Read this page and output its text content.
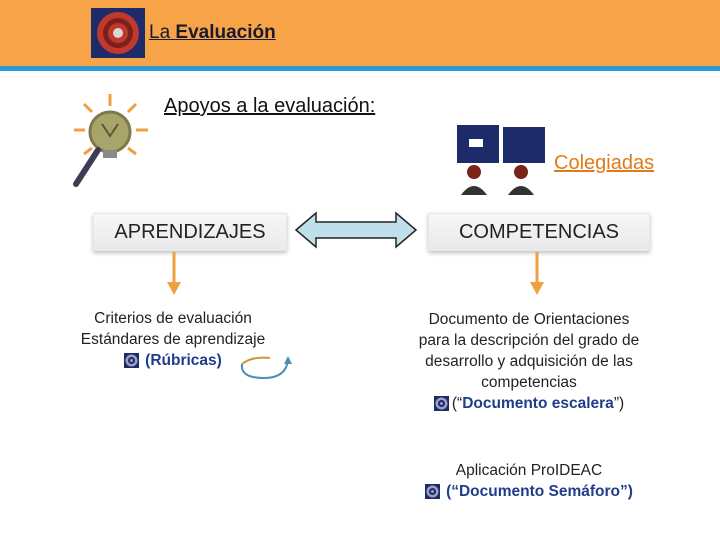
La Evaluación
Apoyos a la evaluación:
Colegiadas
APRENDIZAJES	COMPETENCIAS
Criterios de evaluación
Estándares de aprendizaje
(Rúbricas)
Documento de Orientaciones
para la descripción del grado de
desarrollo y adquisición de las
competencias
(“Documento escalera”)
Aplicación ProIDEAC
(“Documento Semáforo”)
